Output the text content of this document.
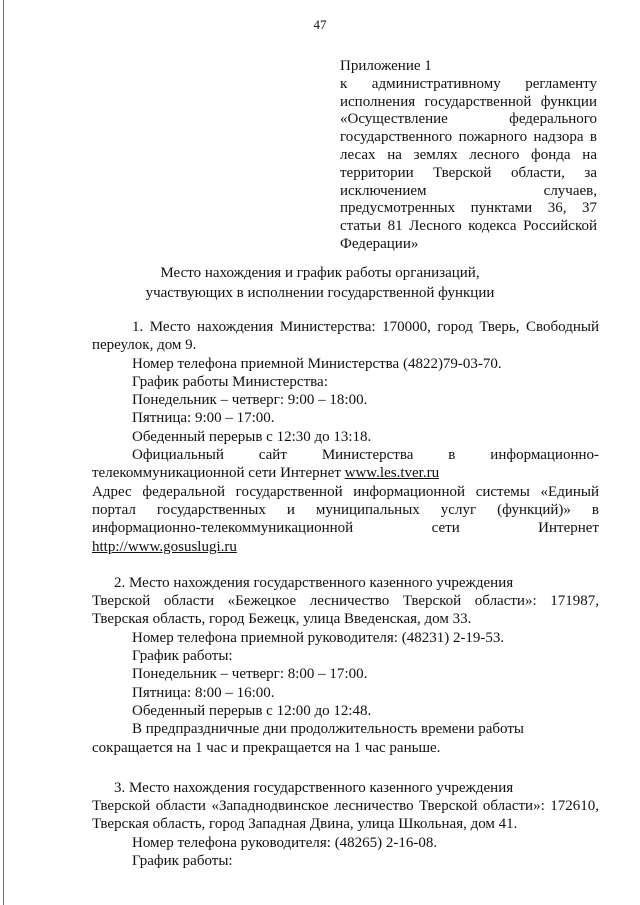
47
Приложение 1
к административному регламенту
исполнения государственной функции
«Осуществление федерального
государственного пожарного надзора в
лесах на землях лесного фонда на
территории Тверской области, за
исключением случаев,
предусмотренных пунктами 36, 37
статьи 81 Лесного кодекса Российской
Федерации»
Место нахождения и график работы организаций,
участвующих в исполнении государственной функции

1. Место нахождения Министерства: 170000, город Тверь, Свободный

переулок, дом 9.

Номер телефона приемной Министерства (4822)79-03-70.

График работы Министерства:

Понедельник – четверг: 9:00 – 18:00.

Пятница: 9:00 – 17:00.

Обеденный перерыв с 12:30 до 13:18.

Официальный сайт Министерства в информационно-

телекоммуникационной сети Интернет www.les.tver.ru

Адрес федеральной государственной информационной системы «Единый

портал государственных и муниципальных услуг (функций)» в

информационно-телекоммуникационной сети Интернет

http://www.gosuslugi.ru

2. Место нахождения государственного казенного учреждения

Тверской области «Бежецкое лесничество Тверской области»: 171987,

Тверская область, город Бежецк, улица Введенская, дом 33.

Номер телефона приемной руководителя: (48231) 2-19-53.

График работы:

Понедельник – четверг: 8:00 – 17:00.

Пятница: 8:00 – 16:00.

Обеденный перерыв с 12:00 до 12:48.

В предпраздничные дни продолжительность времени работы

сокращается на 1 час и прекращается на 1 час раньше.

3. Место нахождения государственного казенного учреждения

Тверской области «Западнодвинское лесничество Тверской области»: 172610,

Тверская область, город Западная Двина, улица Школьная, дом 41.

Номер телефона руководителя: (48265) 2-16-08.

График работы:
